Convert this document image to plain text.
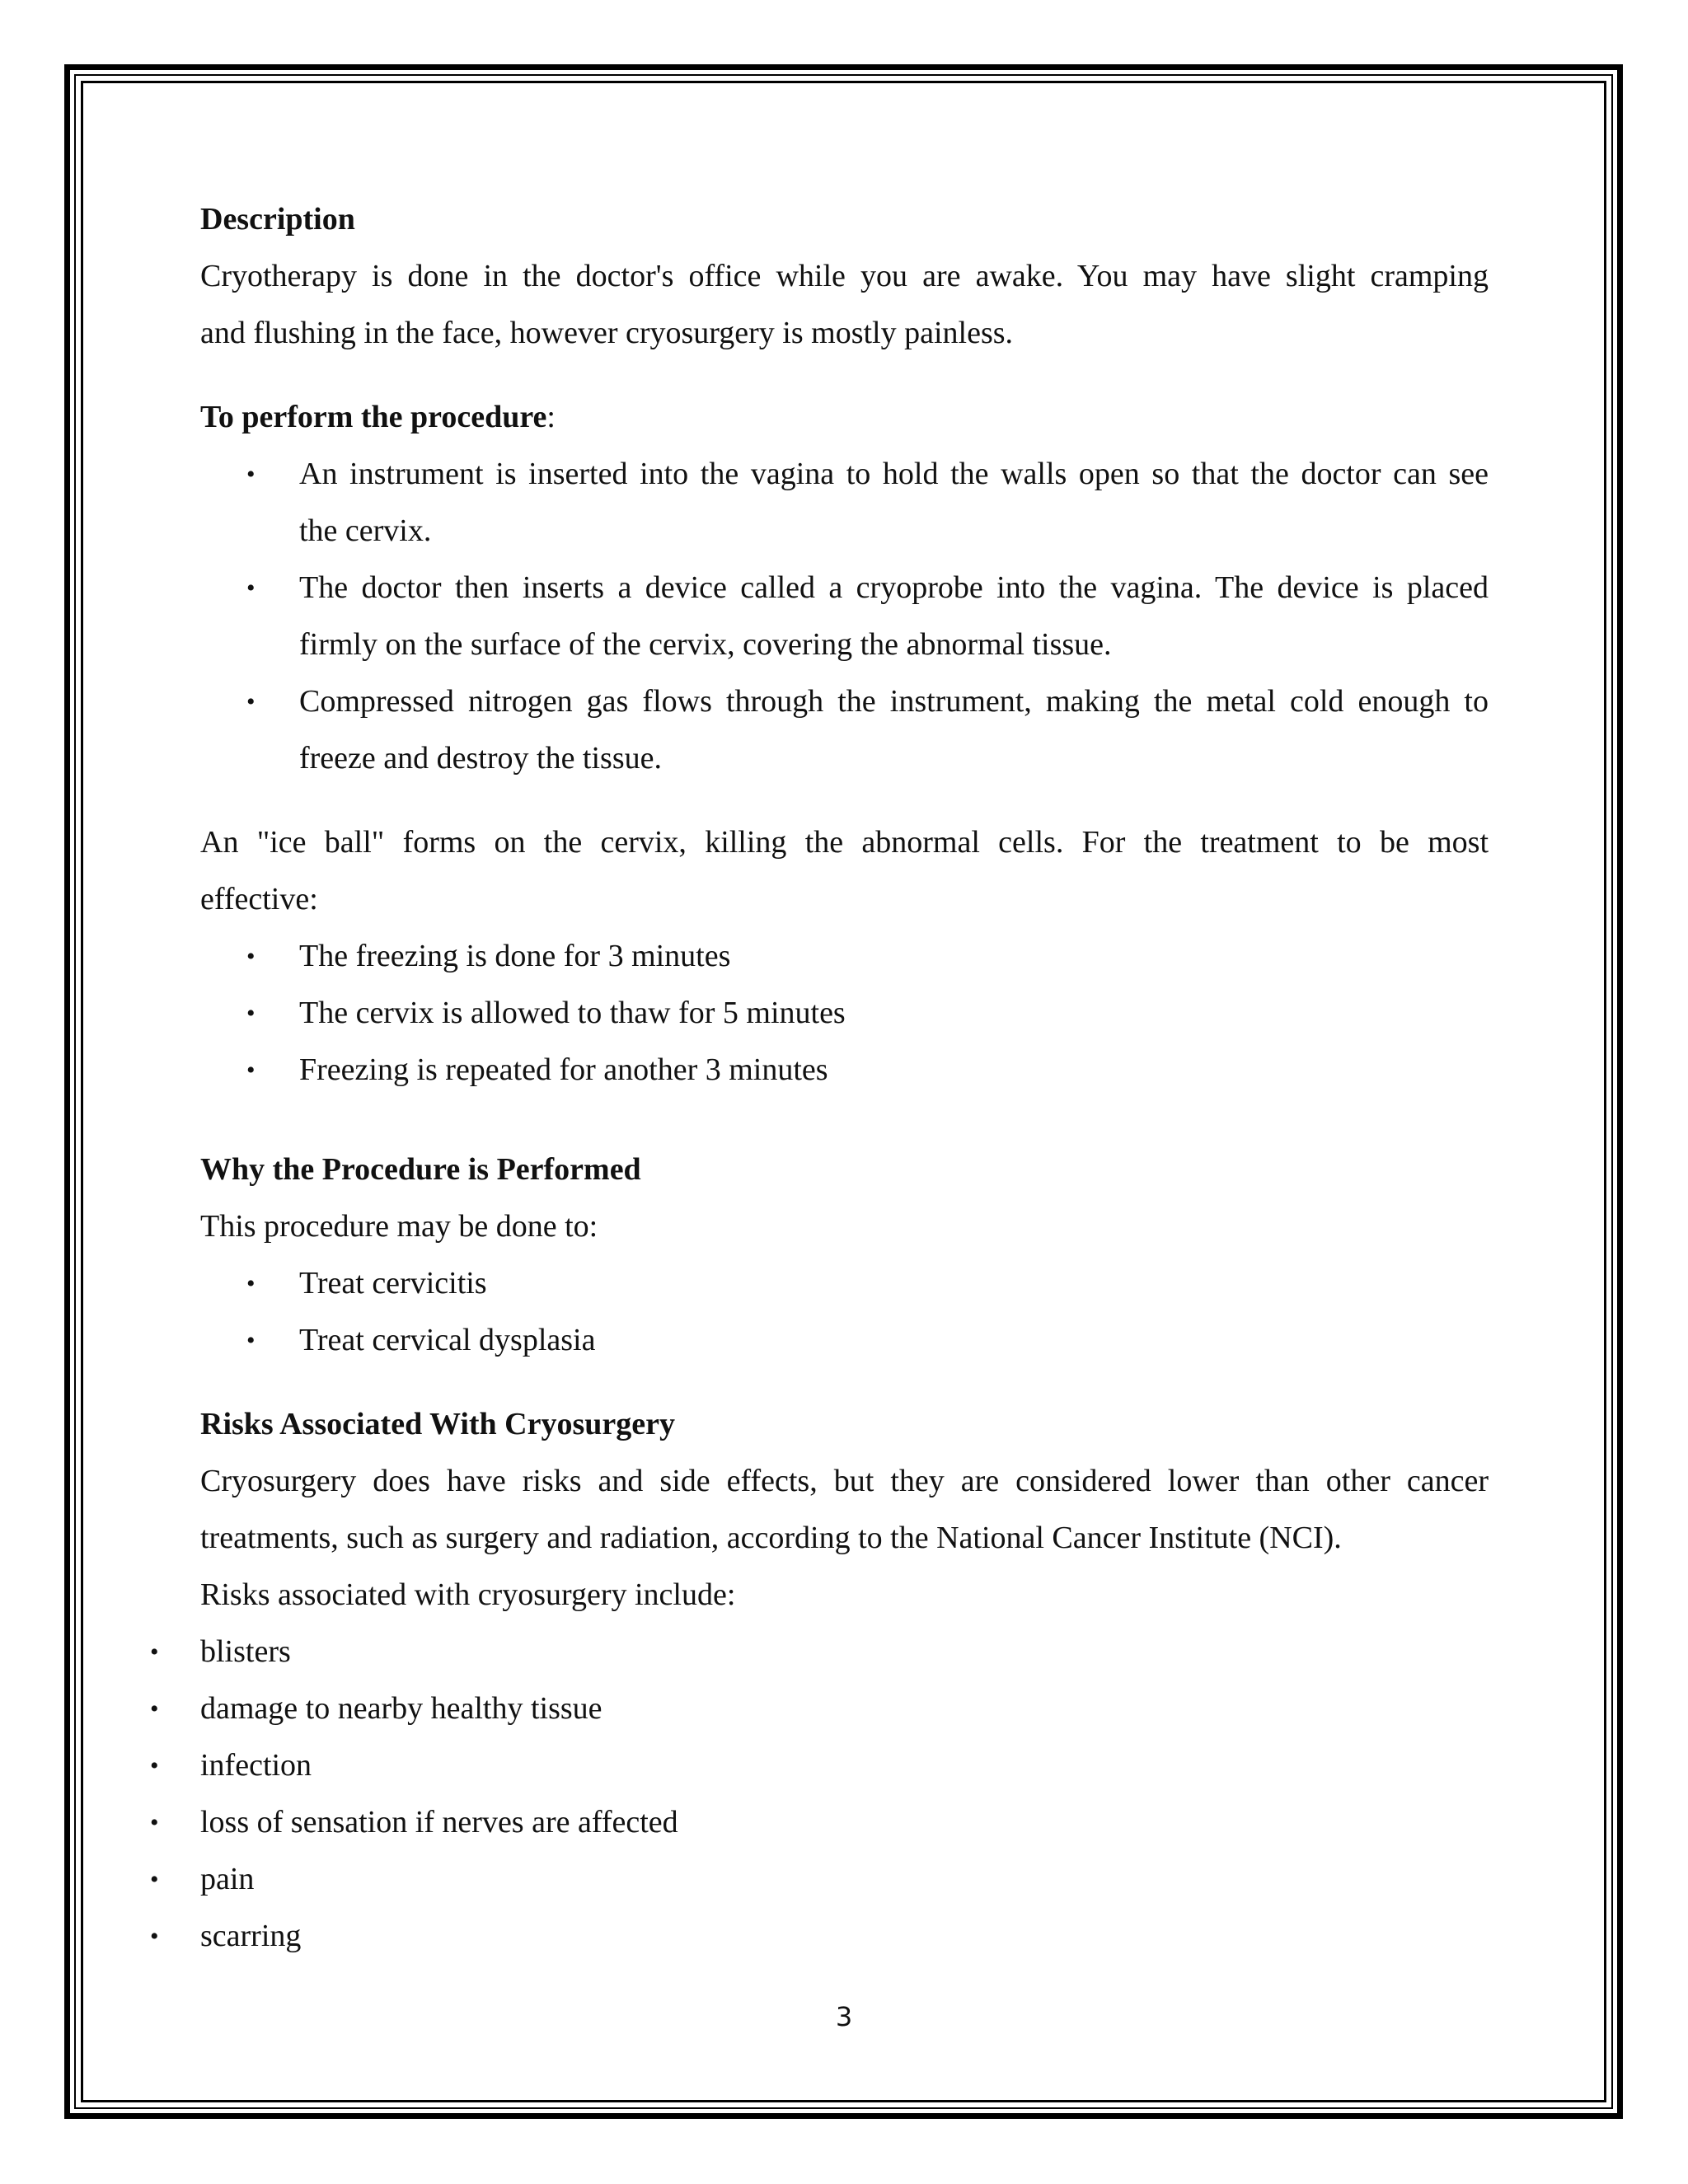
Description

Cryotherapy is done in the doctor's office while you are awake. You may have slight cramping

and flushing in the face, however cryosurgery is mostly painless.

To perform the procedure:

• An instrument is inserted into the vagina to hold the walls open so that the doctor can see
the cervix.
• The doctor then inserts a device called a cryoprobe into the vagina. The device is placed
firmly on the surface of the cervix, covering the abnormal tissue.
• Compressed nitrogen gas flows through the instrument, making the metal cold enough to
freeze and destroy the tissue.

An "ice ball" forms on the cervix, killing the abnormal cells. For the treatment to be most

effective:

• The freezing is done for 3 minutes
• The cervix is allowed to thaw for 5 minutes
• Freezing is repeated for another 3 minutes

Why the Procedure is Performed

This procedure may be done to:

• Treat cervicitis
• Treat cervical dysplasia

Risks Associated With Cryosurgery

Cryosurgery does have risks and side effects, but they are considered lower than other cancer

treatments, such as surgery and radiation, according to the National Cancer Institute (NCI).

Risks associated with cryosurgery include:

• blisters
• damage to nearby healthy tissue
• infection
• loss of sensation if nerves are affected
• pain
• scarring
3
